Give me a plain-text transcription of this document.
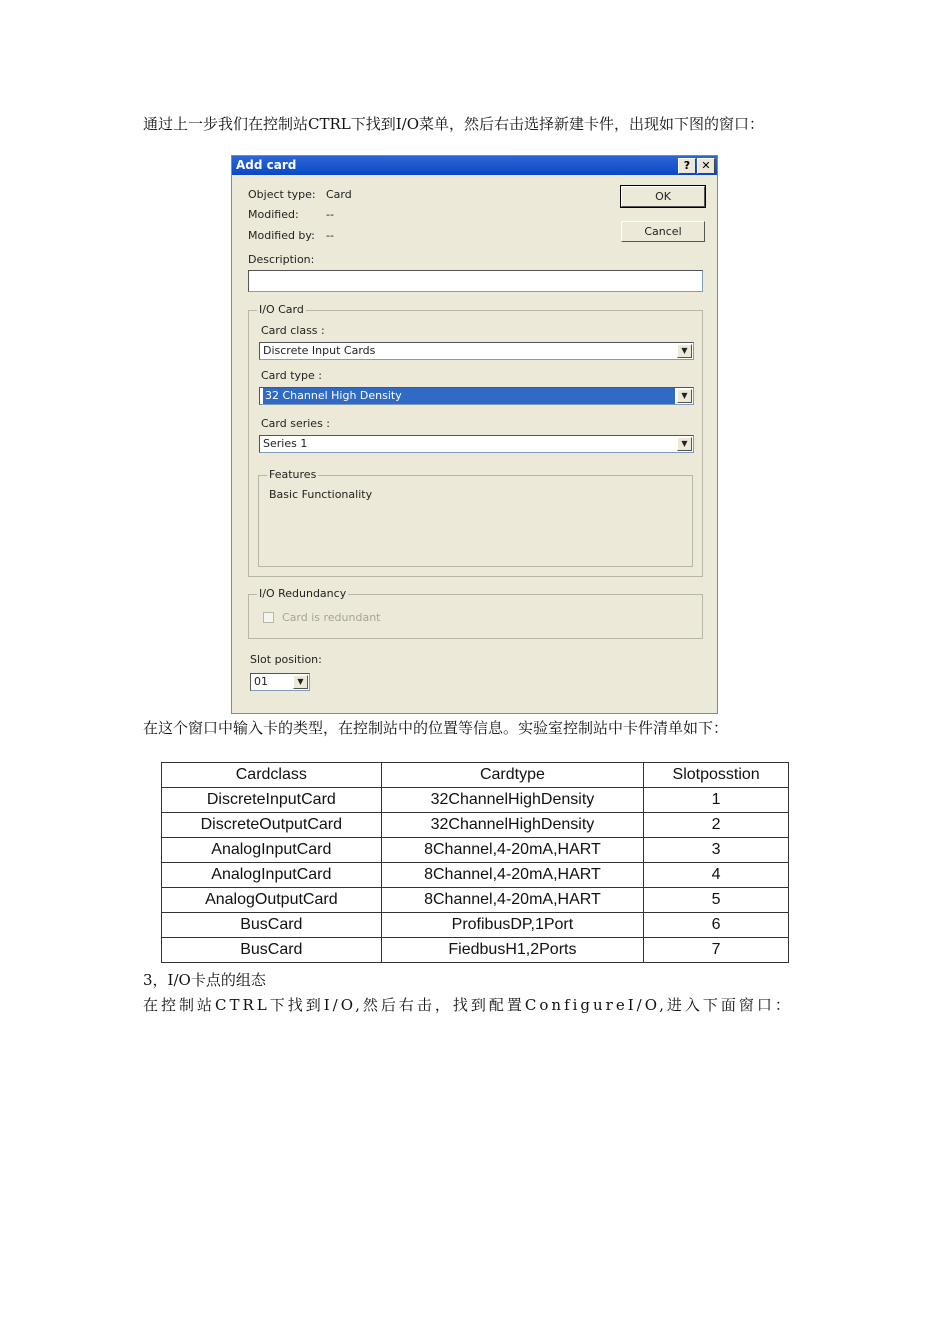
通过上一步我们在控制站CTRL下找到I/O菜单，然后右击选择新建卡件，出现如下图的窗口：
Add card	?	✕
Object type: Card
Modified: --
Modified by: --
OK
Cancel
Description:
I/O Card
Card class :
Discrete Input Cards	▼
Card type :
32 Channel High Density	▼
Card series :
Series 1	▼
Features
Basic Functionality
I/O Redundancy
Card is redundant
Slot position:
01	▼
在这个窗口中输入卡的类型，在控制站中的位置等信息。实验室控制站中卡件清单如下：
Cardclass	Cardtype	Slotposstion
DiscreteInputCard	32ChannelHighDensity	1
DiscreteOutputCard	32ChannelHighDensity	2
AnalogInputCard	8Channel,4-20mA,HART	3
AnalogInputCard	8Channel,4-20mA,HART	4
AnalogOutputCard	8Channel,4-20mA,HART	5
BusCard	ProfibusDP,1Port	6
BusCard	FiedbusH1,2Ports	7
3，I/O卡点的组态
在控制站CTRL下找到I/O,然后右击，找到配置ConfigureI/O,进入下面窗口：
